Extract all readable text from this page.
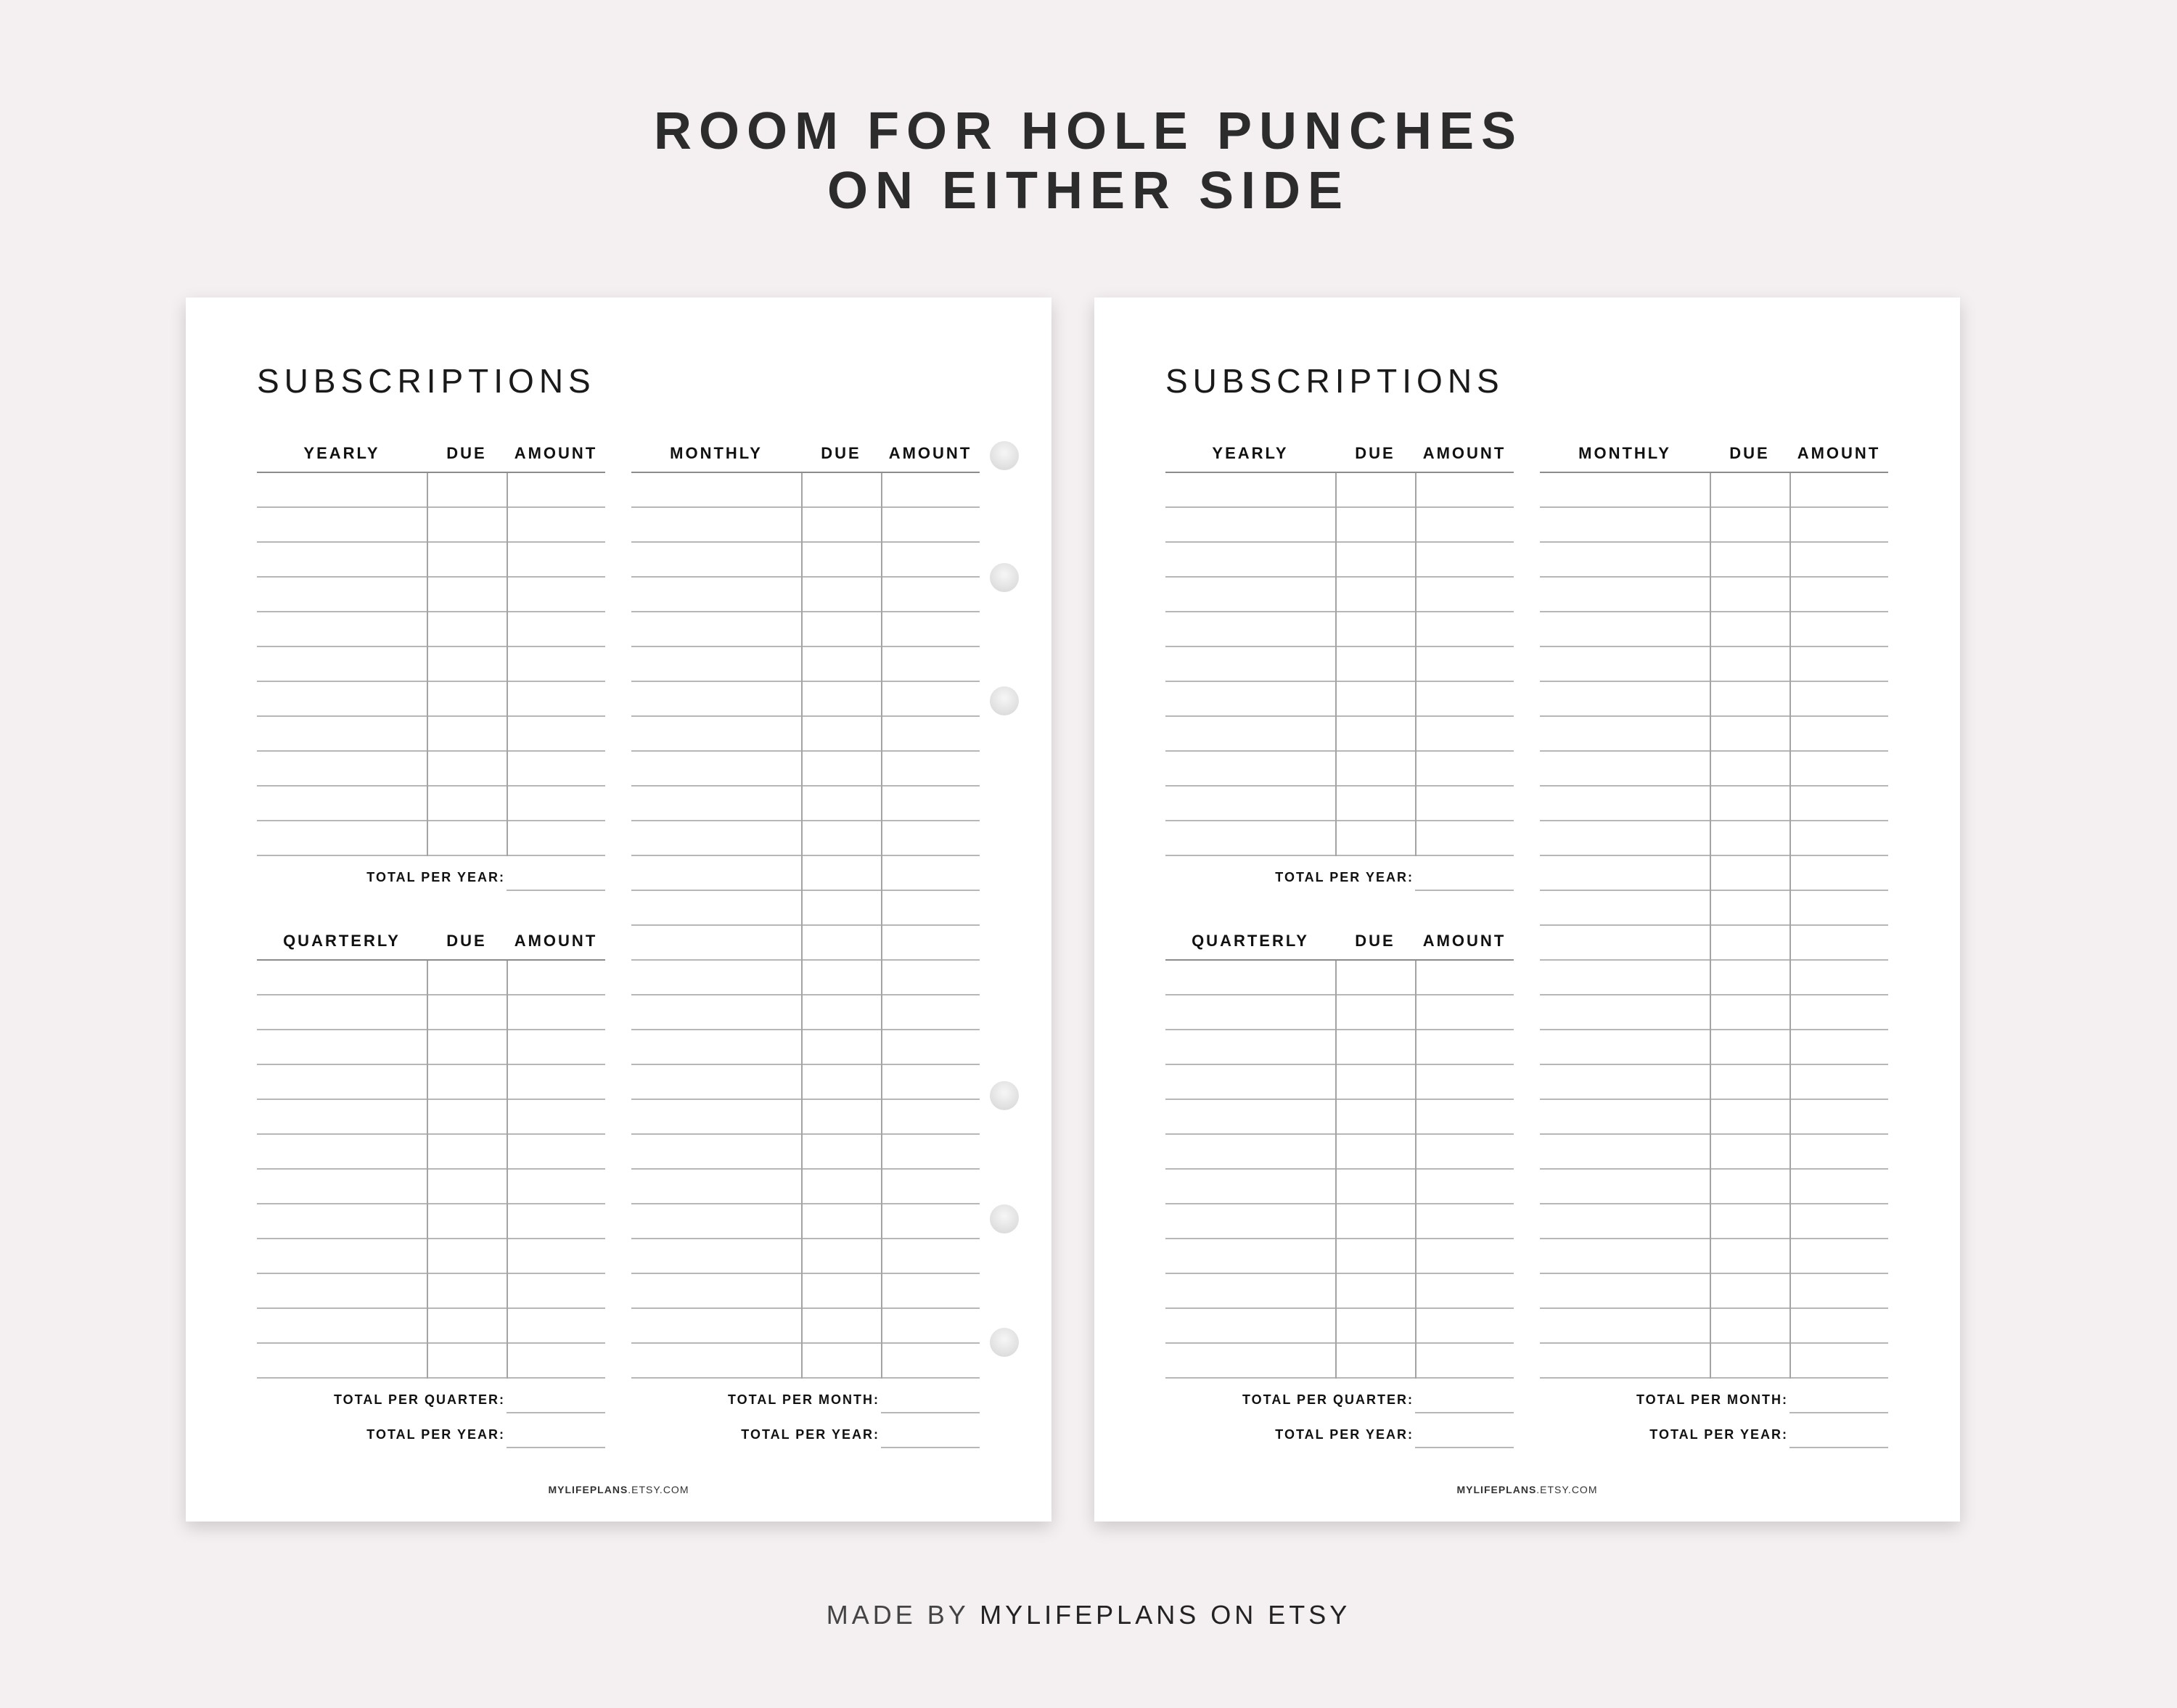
ROOM FOR HOLE PUNCHES
ON EITHER SIDE
SUBSCRIPTIONS
YEARLY	DUE	AMOUNT
TOTAL PER YEAR:
QUARTERLY	DUE	AMOUNT
TOTAL PER QUARTER:
TOTAL PER YEAR:
MONTHLY	DUE	AMOUNT
TOTAL PER MONTH:
TOTAL PER YEAR:
MYLIFEPLANS.ETSY.COM
SUBSCRIPTIONS
YEARLY	DUE	AMOUNT
TOTAL PER YEAR:
QUARTERLY	DUE	AMOUNT
TOTAL PER QUARTER:
TOTAL PER YEAR:
MONTHLY	DUE	AMOUNT
TOTAL PER MONTH:
TOTAL PER YEAR:
MYLIFEPLANS.ETSY.COM
MADE BY MYLIFEPLANS ON ETSY
